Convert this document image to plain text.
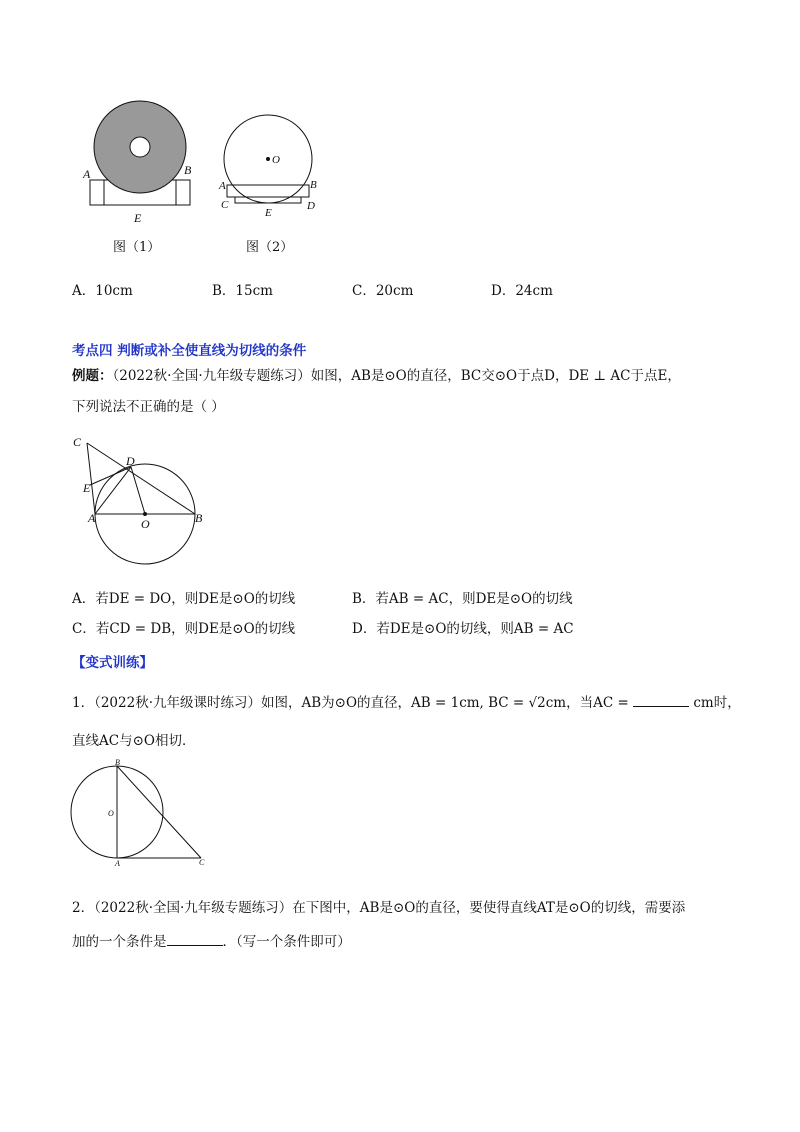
A	B
E
O
A	B
C	D
E
图（1）	图（2）
A．10cm	B．15cm	C．20cm	D．24cm
考点四 判断或补全使直线为切线的条件
例题：（2022秋·全国·九年级专题练习）如图，AB是⊙O的直径，BC交⊙O于点D，DE ⊥ AC于点E，
下列说法不正确的是（ ）
C
D
E
A	O	B
A．若DE = DO，则DE是⊙O的切线	B．若AB = AC，则DE是⊙O的切线
C．若CD = DB，则DE是⊙O的切线	D．若DE是⊙O的切线，则AB = AC
【变式训练】
1．（2022秋·九年级课时练习）如图，AB为⊙O的直径，AB = 1cm, BC = √2cm，当AC =	cm时，
直线AC与⊙O相切．
B
O
A	C
2．（2022秋·全国·九年级专题练习）在下图中，AB是⊙O的直径，要使得直线AT是⊙O的切线，需要添
加的一个条件是	．（写一个条件即可）
